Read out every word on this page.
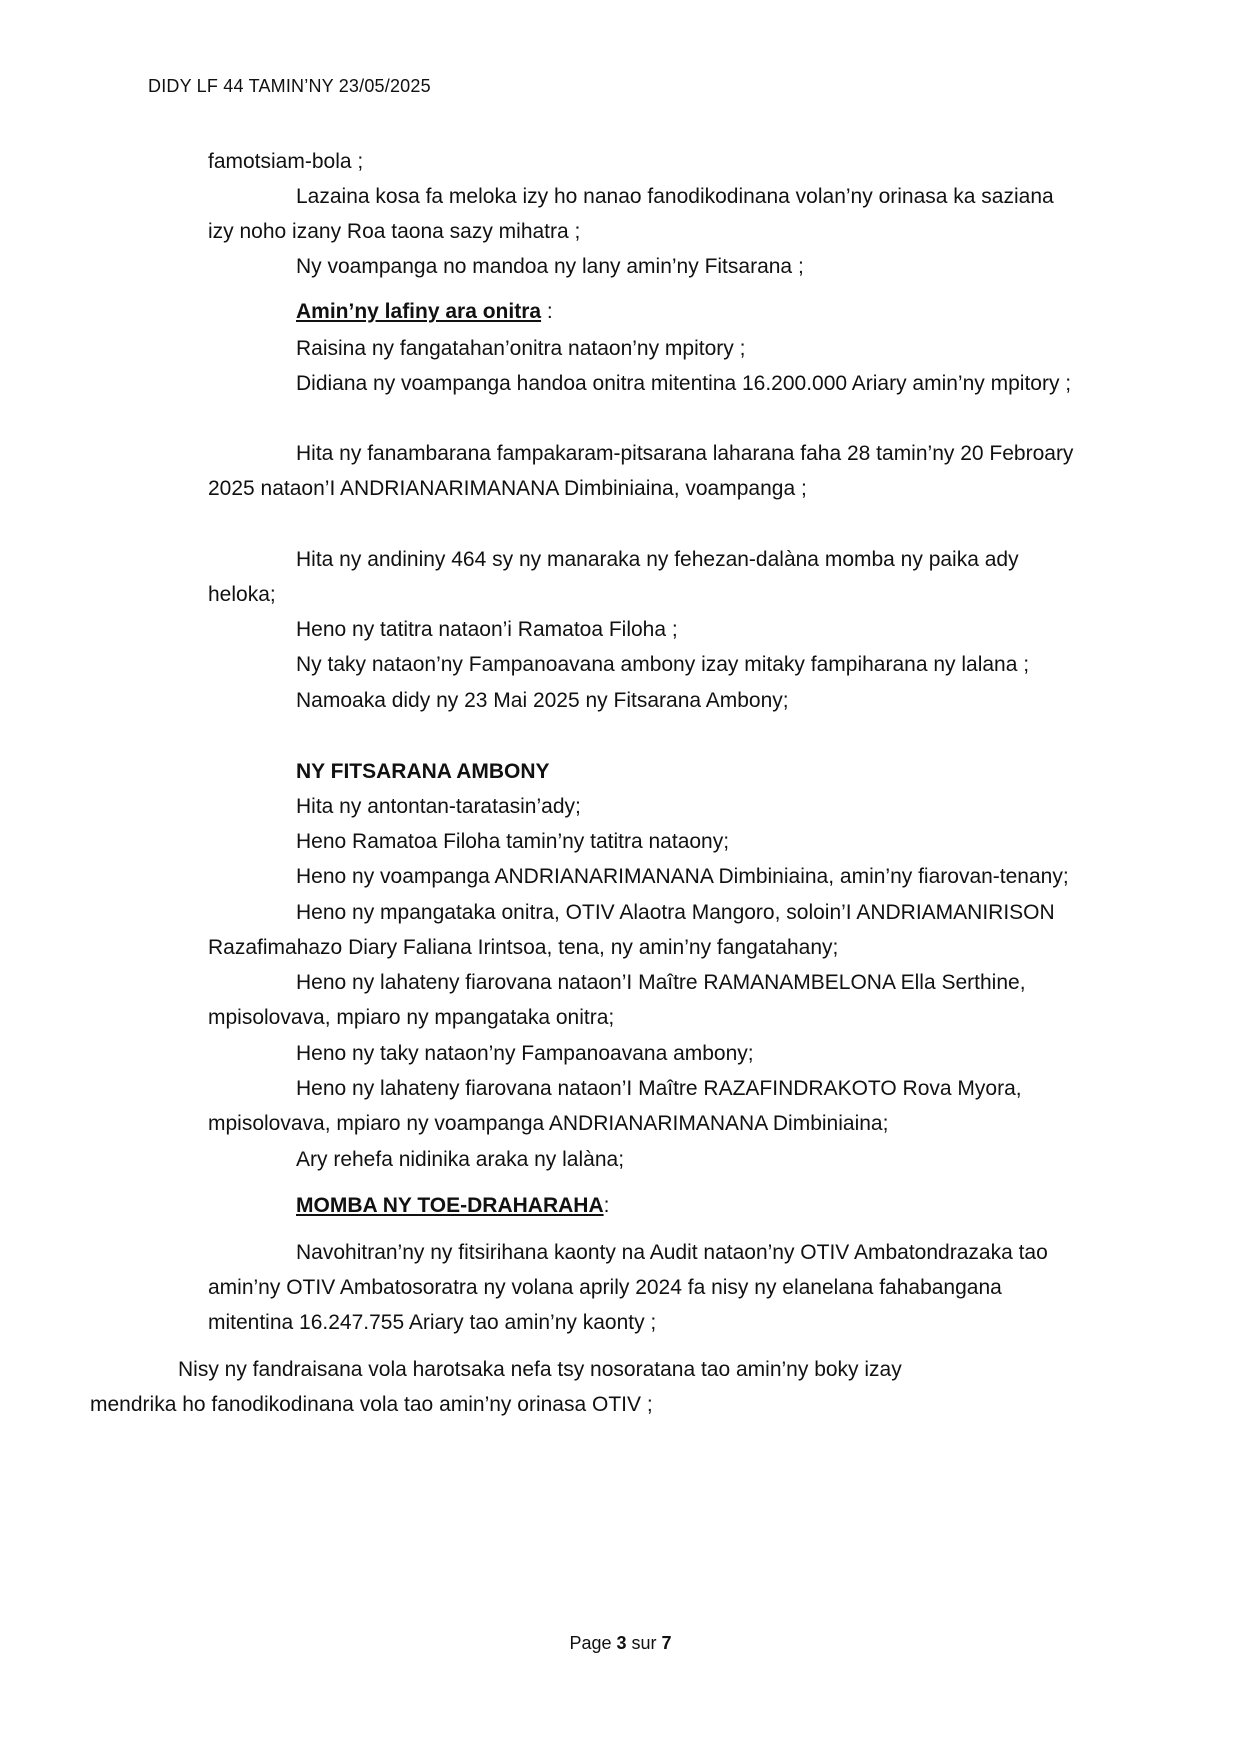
DIDY LF 44 TAMIN’NY 23/05/2025
famotsiam-bola ;
Lazaina kosa fa meloka izy ho nanao fanodikodinana volan’ny orinasa ka saziana
izy noho izany Roa taona sazy mihatra ;
Ny voampanga no mandoa ny lany amin’ny Fitsarana ;
Amin’ny lafiny ara onitra :
Raisina ny fangatahan’onitra nataon’ny mpitory ;
Didiana ny voampanga handoa onitra mitentina 16.200.000 Ariary amin’ny mpitory ;
Hita ny fanambarana fampakaram-pitsarana laharana faha 28 tamin’ny 20 Febroary
2025 nataon’I ANDRIANARIMANANA Dimbiniaina, voampanga ;
Hita ny andininy 464 sy ny manaraka ny fehezan-dalàna momba ny paika ady
heloka;
Heno ny tatitra nataon’i Ramatoa Filoha ;
Ny taky nataon’ny Fampanoavana ambony izay mitaky fampiharana ny lalana ;
Namoaka didy ny 23 Mai 2025 ny Fitsarana Ambony;
NY FITSARANA AMBONY
Hita ny antontan-taratasin’ady;
Heno Ramatoa Filoha tamin’ny tatitra nataony;
Heno ny voampanga ANDRIANARIMANANA Dimbiniaina, amin’ny fiarovan-tenany;
Heno ny mpangataka onitra, OTIV Alaotra Mangoro, soloin’I ANDRIAMANIRISON
Razafimahazo Diary Faliana Irintsoa, tena, ny amin’ny fangatahany;
Heno ny lahateny fiarovana nataon’I Maître RAMANAMBELONA Ella Serthine,
mpisolovava, mpiaro ny mpangataka onitra;
Heno ny taky nataon’ny Fampanoavana ambony;
Heno ny lahateny fiarovana nataon’I Maître RAZAFINDRAKOTO Rova Myora,
mpisolovava, mpiaro ny voampanga ANDRIANARIMANANA Dimbiniaina;
Ary rehefa nidinika araka ny lalàna;
MOMBA NY TOE-DRAHARAHA:
Navohitran’ny ny fitsirihana kaonty na Audit nataon’ny OTIV Ambatondrazaka tao
amin’ny OTIV Ambatosoratra ny volana aprily 2024 fa nisy ny elanelana fahabangana
mitentina 16.247.755 Ariary tao amin’ny kaonty ;
Nisy ny fandraisana vola harotsaka nefa tsy nosoratana tao amin’ny boky izay
mendrika ho fanodikodinana vola tao amin’ny orinasa OTIV ;
Page 3 sur 7
